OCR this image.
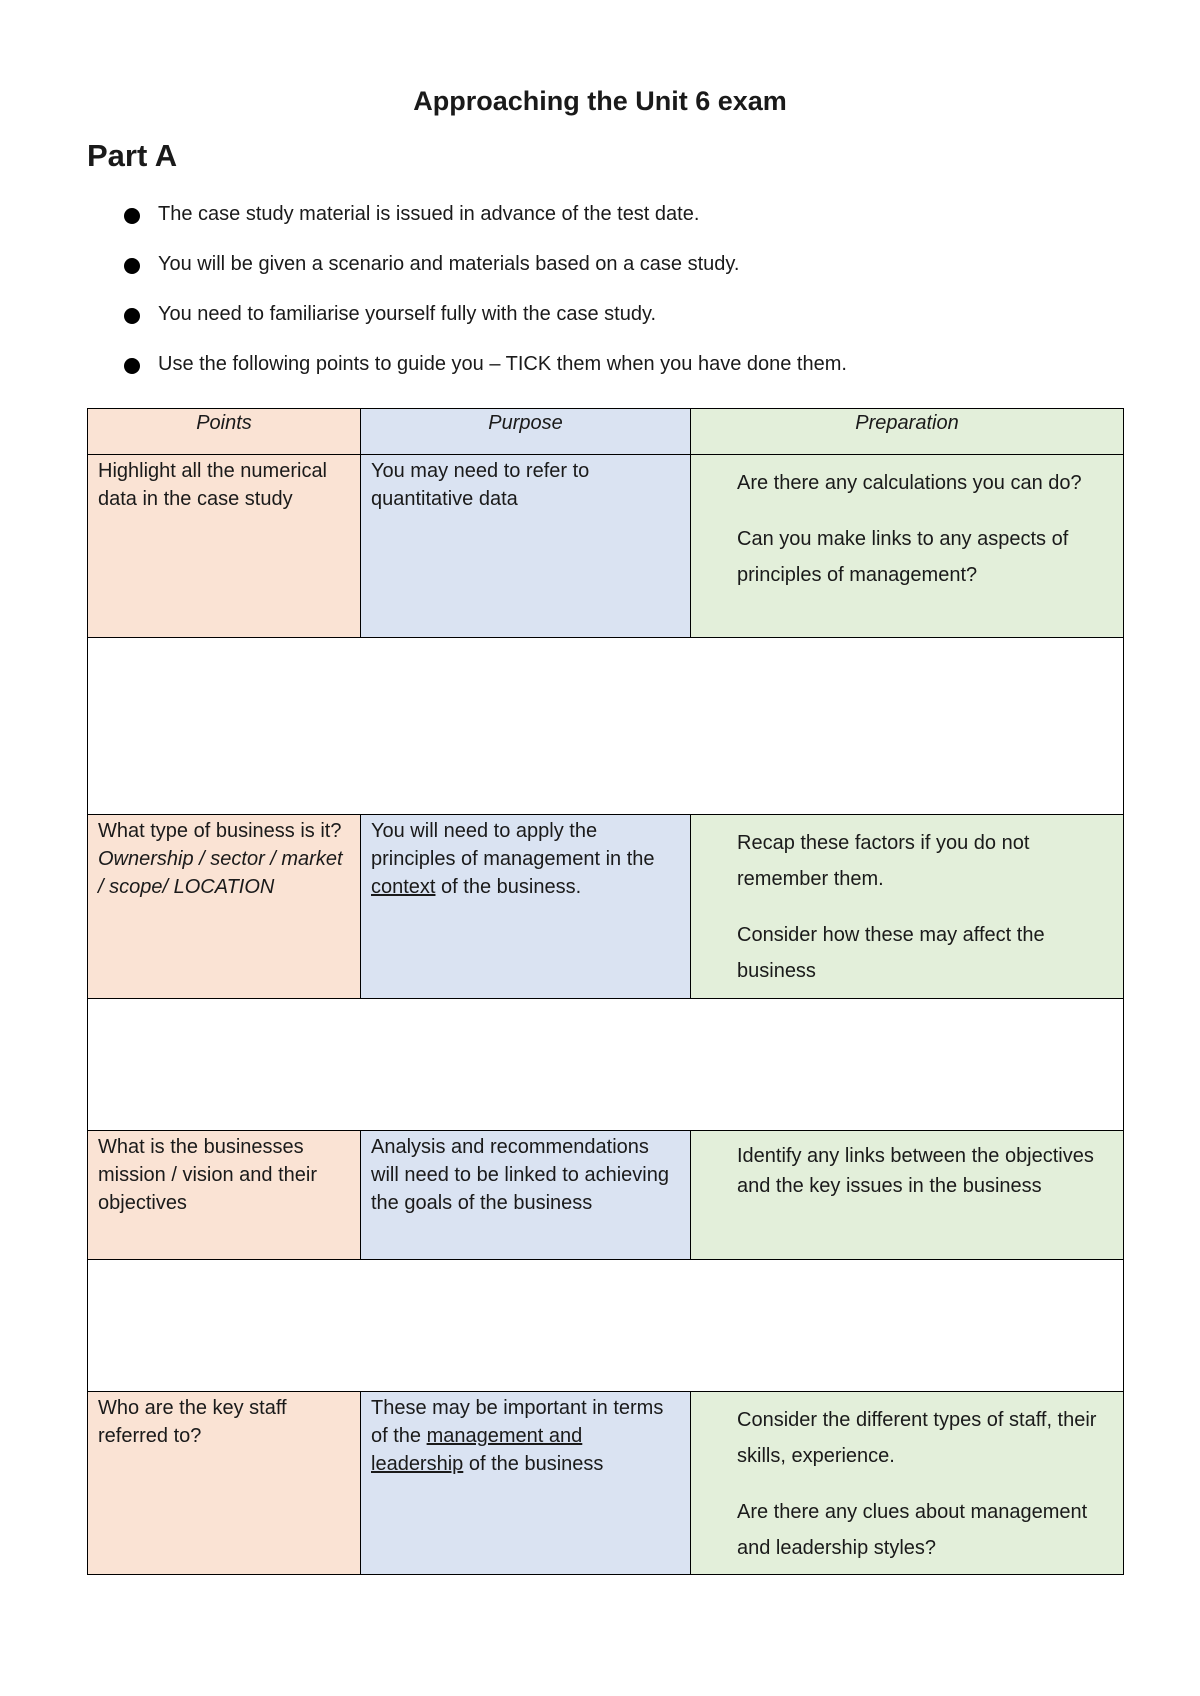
Approaching the Unit 6 exam
Part A
The case study material is issued in advance of the test date.
You will be given a scenario and materials based on a case study.
You need to familiarise yourself fully with the case study.
Use the following points to guide you – TICK them when you have done them.
Points	Purpose	Preparation

Highlight all the numerical data in the case study	You may need to refer to quantitative data	Are there any calculations you can do?

Can you make links to any aspects of principles of management?

What type of business is it? Ownership / sector / market / scope/ LOCATION	You will need to apply the principles of management in the context of the business.	Recap these factors if you do not remember them.

Consider how these may affect the business

What is the businesses mission / vision and their objectives	Analysis and recommendations will need to be linked to achieving the goals of the business	Identify any links between the objectives and the key issues in the business

Who are the key staff referred to?	These may be important in terms of the management and leadership of the business	Consider the different types of staff, their skills, experience.

Are there any clues about management and leadership styles?
